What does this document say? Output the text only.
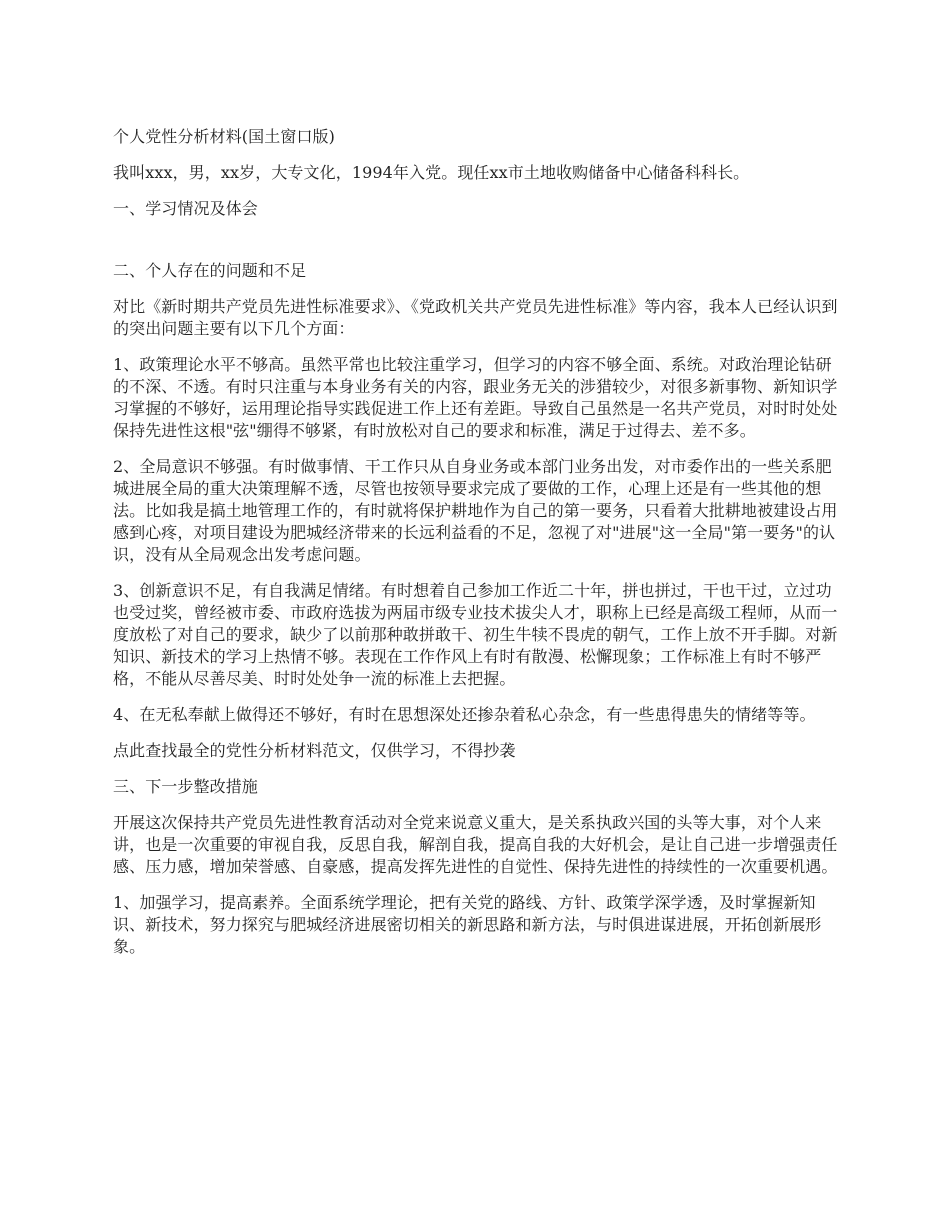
个人党性分析材料(国土窗口版)

我叫xxx，男，xx岁，大专文化，1994年入党。现任xx市土地收购储备中心储备科科长。

一、学习情况及体会

二、个人存在的问题和不足

对比《新时期共产党员先进性标准要求》、《党政机关共产党员先进性标准》等内容，我本人已经认识到的突出问题主要有以下几个方面：

1、政策理论水平不够高。虽然平常也比较注重学习，但学习的内容不够全面、系统。对政治理论钻研的不深、不透。有时只注重与本身业务有关的内容，跟业务无关的涉猎较少，对很多新事物、新知识学习掌握的不够好，运用理论指导实践促进工作上还有差距。导致自己虽然是一名共产党员，对时时处处保持先进性这根"弦"绷得不够紧，有时放松对自己的要求和标准，满足于过得去、差不多。

2、全局意识不够强。有时做事情、干工作只从自身业务或本部门业务出发，对市委作出的一些关系肥城进展全局的重大决策理解不透，尽管也按领导要求完成了要做的工作，心理上还是有一些其他的想法。比如我是搞土地管理工作的，有时就将保护耕地作为自己的第一要务，只看着大批耕地被建设占用感到心疼，对项目建设为肥城经济带来的长远利益看的不足，忽视了对"进展"这一全局"第一要务"的认识，没有从全局观念出发考虑问题。

3、创新意识不足，有自我满足情绪。有时想着自己参加工作近二十年，拼也拼过，干也干过，立过功也受过奖，曾经被市委、市政府选拔为两届市级专业技术拔尖人才，职称上已经是高级工程师，从而一度放松了对自己的要求，缺少了以前那种敢拼敢干、初生牛犊不畏虎的朝气，工作上放不开手脚。对新知识、新技术的学习上热情不够。表现在工作作风上有时有散漫、松懈现象；工作标准上有时不够严格，不能从尽善尽美、时时处处争一流的标准上去把握。

4、在无私奉献上做得还不够好，有时在思想深处还掺杂着私心杂念，有一些患得患失的情绪等等。

点此查找最全的党性分析材料范文，仅供学习，不得抄袭

三、下一步整改措施

开展这次保持共产党员先进性教育活动对全党来说意义重大，是关系执政兴国的头等大事，对个人来讲，也是一次重要的审视自我，反思自我，解剖自我，提高自我的大好机会，是让自己进一步增强责任感、压力感，增加荣誉感、自豪感，提高发挥先进性的自觉性、保持先进性的持续性的一次重要机遇。

1、加强学习，提高素养。全面系统学理论，把有关党的路线、方针、政策学深学透，及时掌握新知识、新技术，努力探究与肥城经济进展密切相关的新思路和新方法，与时俱进谋进展，开拓创新展形象。
